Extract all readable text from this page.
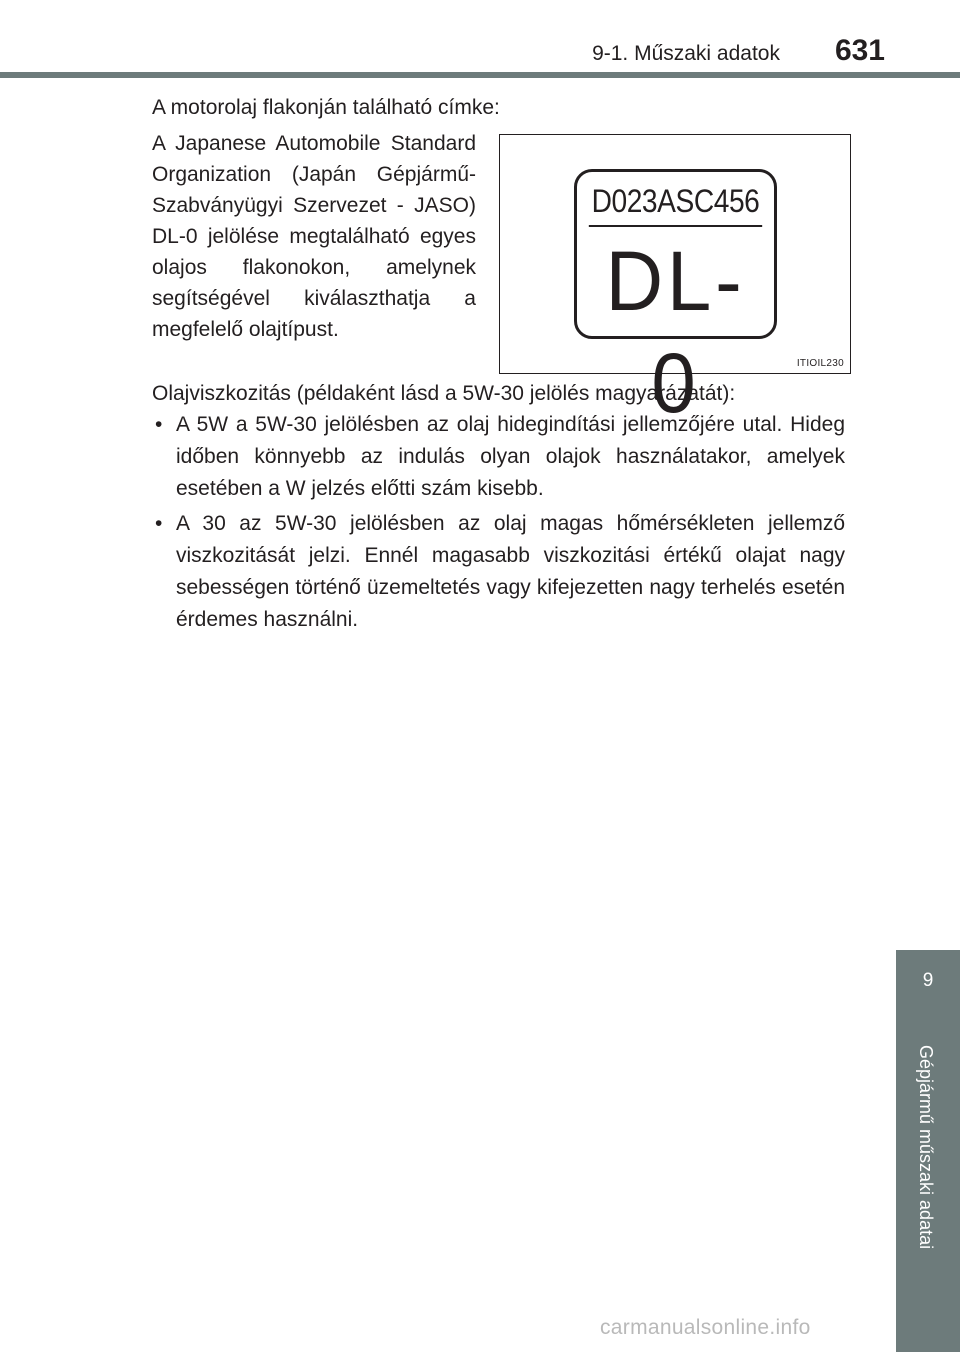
9-1. Műszaki adatok 631
A motorolaj flakonján található címke:
A Japanese Automobile Standard Organization (Japán Gépjármű-Szabványügyi Szervezet - JASO) DL-0 jelölése megtalálható egyes olajos flakonokon, amelynek segítségével kiválaszthatja a megfelelő olajtípust.
D023ASC456
DL-0	ITIOIL230
Olajviszkozitás (példaként lásd a 5W-30 jelölés magyarázatát):
• A 5W a 5W-30 jelölésben az olaj hidegindítási jellemzőjére utal. Hideg időben könnyebb az indulás olyan olajok használatakor, amelyek esetében a W jelzés előtti szám kisebb.
• A 30 az 5W-30 jelölésben az olaj magas hőmérsékleten jellemző viszkozitását jelzi. Ennél magasabb viszkozitási értékű olajat nagy sebességen történő üzemeltetés vagy kifejezetten nagy terhelés esetén érdemes használni.
9
Gépjármű műszaki adatai
carmanualsonline.info
